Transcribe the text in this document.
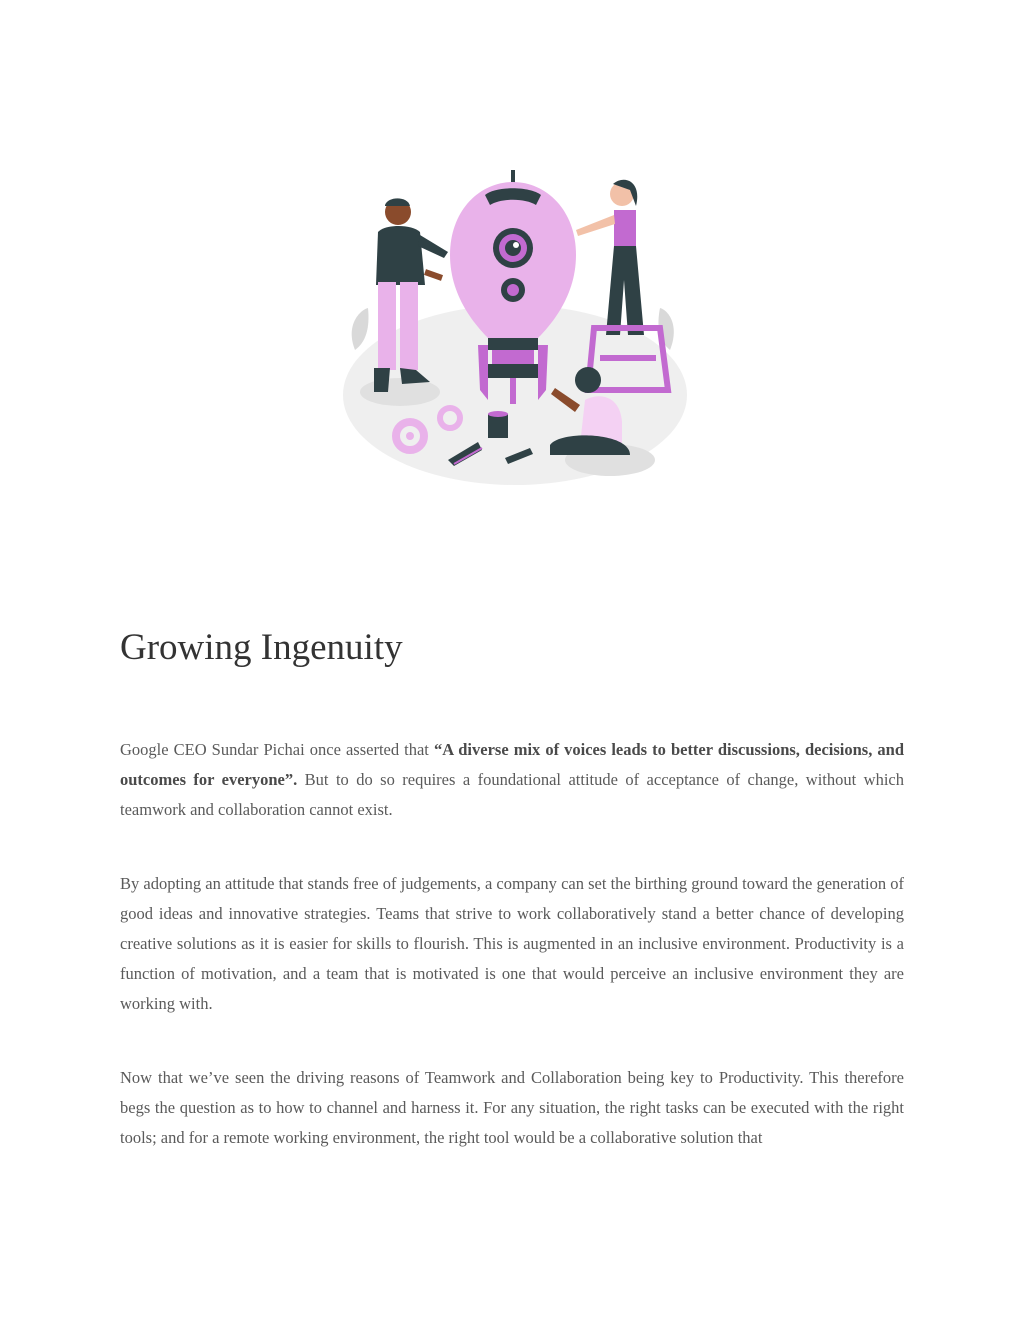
Growing Ingenuity

Google CEO Sundar Pichai once asserted that “A diverse mix of voices leads to better discussions, decisions, and outcomes for everyone”. But to do so requires a foundational attitude of acceptance of change, without which teamwork and collaboration cannot exist.

By adopting an attitude that stands free of judgements, a company can set the birthing ground toward the generation of good ideas and innovative strategies. Teams that strive to work collaboratively stand a better chance of developing creative solutions as it is easier for skills to flourish. This is augmented in an inclusive environment. Productivity is a function of motivation, and a team that is motivated is one that would perceive an inclusive environment they are working with.

Now that we’ve seen the driving reasons of Teamwork and Collaboration being key to Productivity. This therefore begs the question as to how to channel and harness it. For any situation, the right tasks can be executed with the right tools; and for a remote working environment, the right tool would be a collaborative solution that
